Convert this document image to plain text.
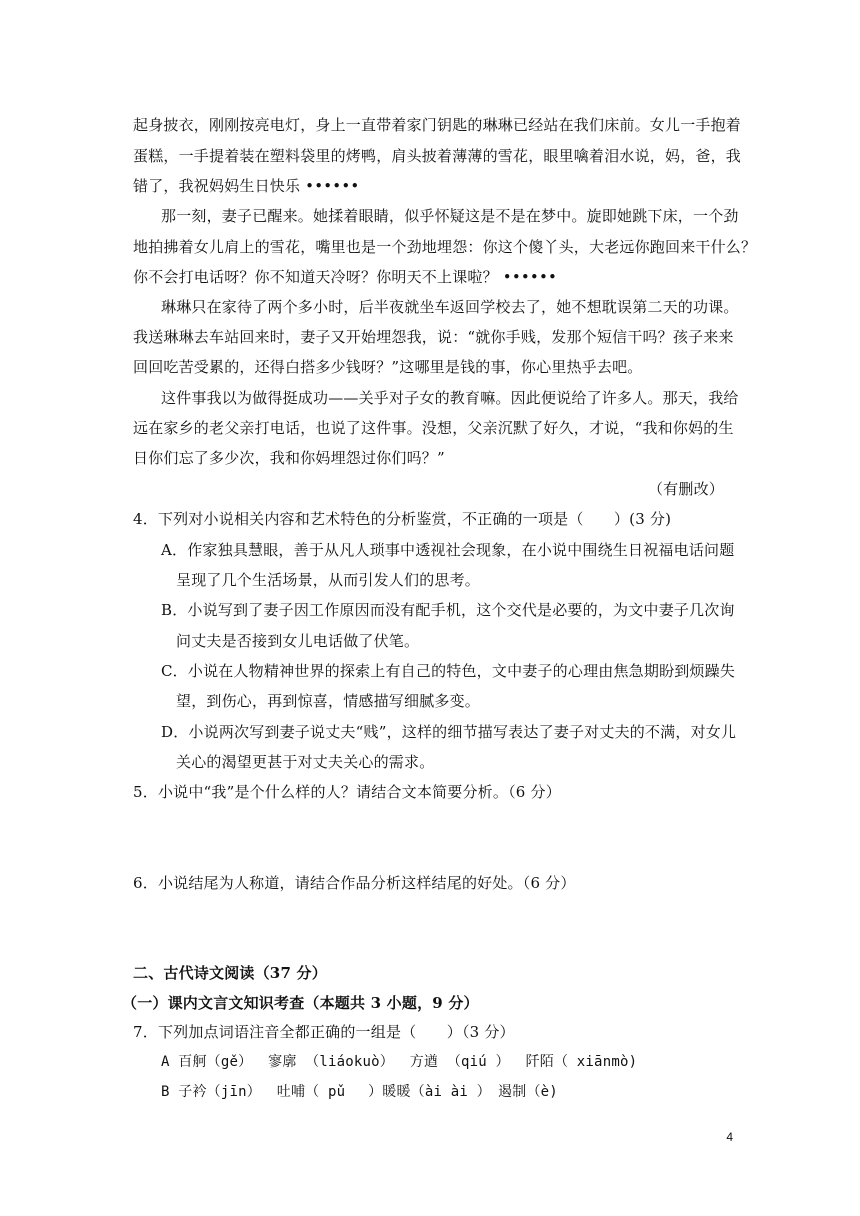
起身披衣，刚刚按亮电灯，身上一直带着家门钥匙的琳琳已经站在我们床前。女儿一手抱着
蛋糕，一手提着装在塑料袋里的烤鸭，肩头披着薄薄的雪花，眼里噙着泪水说，妈，爸，我
错了，我祝妈妈生日快乐 ••••••
那一刻，妻子已醒来。她揉着眼睛，似乎怀疑这是不是在梦中。旋即她跳下床，一个劲
地拍拂着女儿肩上的雪花，嘴里也是一个劲地埋怨：你这个傻丫头，大老远你跑回来干什么？
你不会打电话呀？你不知道天冷呀？你明天不上课啦？ ••••••
琳琳只在家待了两个多小时，后半夜就坐车返回学校去了，她不想耽误第二天的功课。
我送琳琳去车站回来时，妻子又开始埋怨我，说：“就你手贱，发那个短信干吗？孩子来来
回回吃苦受累的，还得白搭多少钱呀？”这哪里是钱的事，你心里热乎去吧。
这件事我以为做得挺成功——关乎对子女的教育嘛。因此便说给了许多人。那天，我给
远在家乡的老父亲打电话，也说了这件事。没想，父亲沉默了好久，才说，“我和你妈的生
日你们忘了多少次，我和你妈埋怨过你们吗？”
（有删改）
4．下列对小说相关内容和艺术特色的分析鉴赏，不正确的一项是（　　）(3 分)
A．作家独具慧眼，善于从凡人琐事中透视社会现象，在小说中围绕生日祝福电话问题
呈现了几个生活场景，从而引发人们的思考。
B．小说写到了妻子因工作原因而没有配手机，这个交代是必要的，为文中妻子几次询
问丈夫是否接到女儿电话做了伏笔。
C．小说在人物精神世界的探索上有自己的特色，文中妻子的心理由焦急期盼到烦躁失
望，到伤心，再到惊喜，情感描写细腻多变。
D．小说两次写到妻子说丈夫“贱”，这样的细节描写表达了妻子对丈夫的不满，对女儿
关心的渴望更甚于对丈夫关心的需求。
5．小说中“我”是个什么样的人？请结合文本简要分析。（6 分）
6．小说结尾为人称道，请结合作品分析这样结尾的好处。（6 分）
二、古代诗文阅读（37 分）
（一）课内文言文知识考查（本题共 3 小题，9 分）
7．下列加点词语注音全都正确的一组是（　　）（3 分）
A 百舸（gě）　 寥廓 （liáokuò）　 方遒 （qiú ）　 阡陌（ xiānmò)
B 子衿（jīn）　 吐哺（ pǔ　 ）暖暖（ài ài ）　遏制（è)
4
